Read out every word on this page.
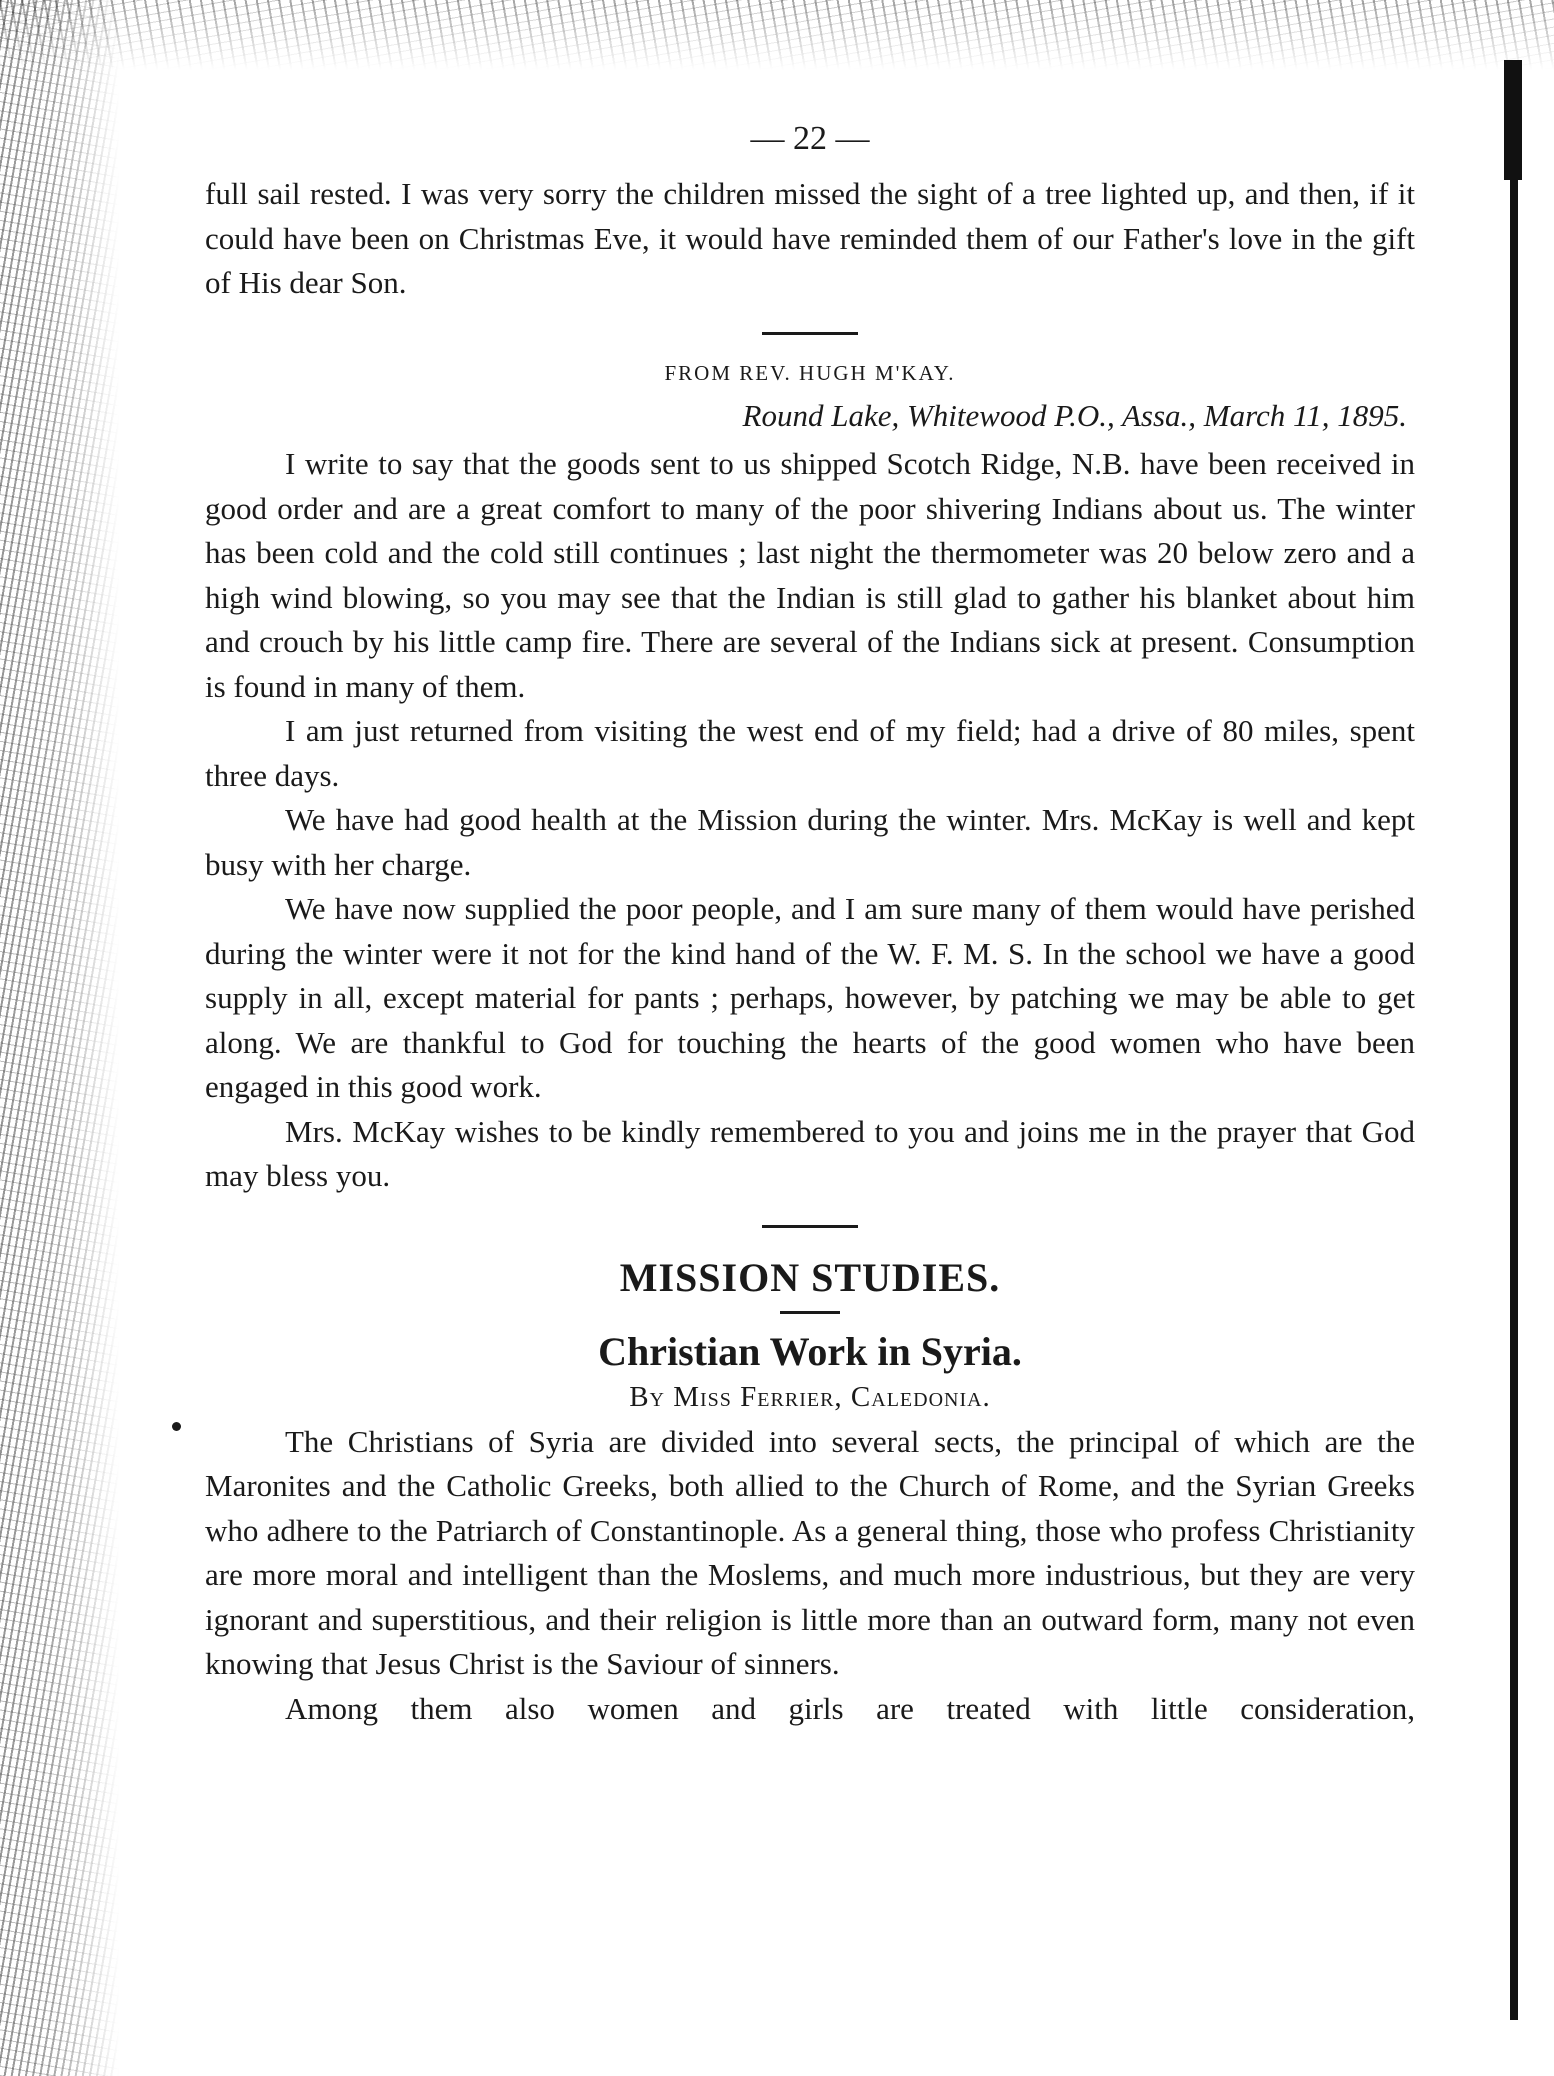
— 22 —

full sail rested. I was very sorry the children missed the sight of a tree lighted up, and then, if it could have been on Christmas Eve, it would have reminded them of our Father's love in the gift of His dear Son.

FROM REV. HUGH M'KAY.
Round Lake, Whitewood P.O., Assa., March 11, 1895.

I write to say that the goods sent to us shipped Scotch Ridge, N.B. have been received in good order and are a great comfort to many of the poor shivering Indians about us. The winter has been cold and the cold still continues ; last night the thermometer was 20 below zero and a high wind blowing, so you may see that the Indian is still glad to gather his blanket about him and crouch by his little camp fire. There are several of the Indians sick at present. Consumption is found in many of them.

I am just returned from visiting the west end of my field; had a drive of 80 miles, spent three days.

We have had good health at the Mission during the winter. Mrs. McKay is well and kept busy with her charge.

We have now supplied the poor people, and I am sure many of them would have perished during the winter were it not for the kind hand of the W. F. M. S. In the school we have a good supply in all, except material for pants ; perhaps, however, by patching we may be able to get along. We are thankful to God for touching the hearts of the good women who have been engaged in this good work.

Mrs. McKay wishes to be kindly remembered to you and joins me in the prayer that God may bless you.

MISSION STUDIES.
Christian Work in Syria.
By Miss Ferrier, Caledonia.

The Christians of Syria are divided into several sects, the principal of which are the Maronites and the Catholic Greeks, both allied to the Church of Rome, and the Syrian Greeks who adhere to the Patriarch of Constantinople. As a general thing, those who profess Christianity are more moral and intelligent than the Moslems, and much more industrious, but they are very ignorant and superstitious, and their religion is little more than an outward form, many not even knowing that Jesus Christ is the Saviour of sinners.

Among them also women and girls are treated with little consideration,
